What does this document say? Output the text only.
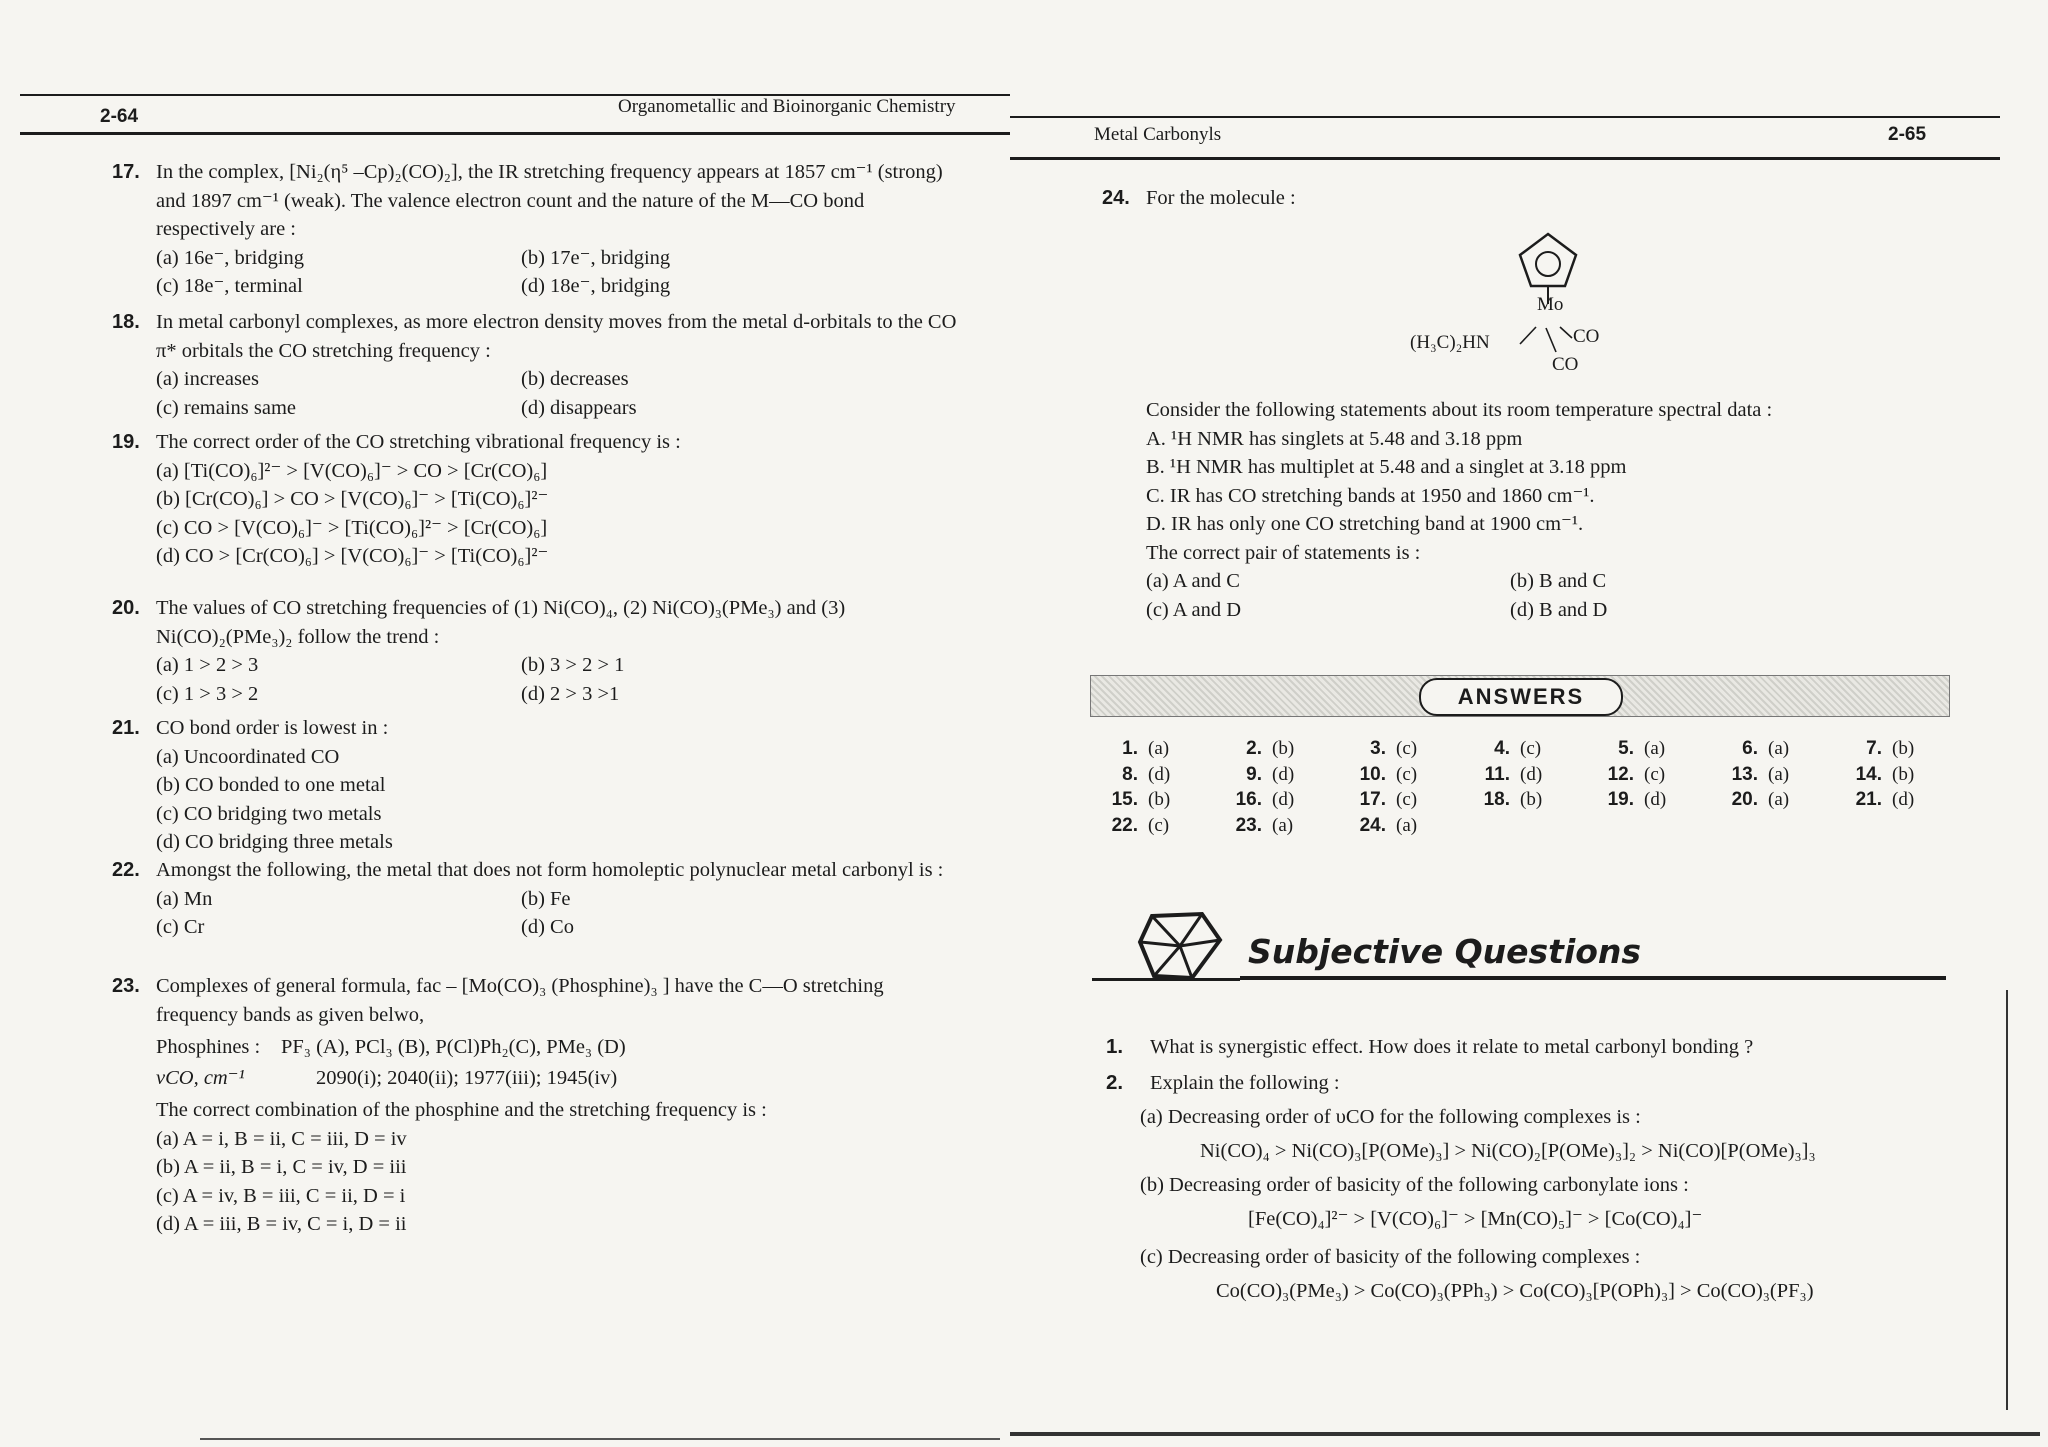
2-64	Organometallic and Bioinorganic Chemistry
17. In the complex, [Ni₂(η⁵ –Cp)₂(CO)₂], the IR stretching frequency appears at 1857 cm⁻¹ (strong) and 1897 cm⁻¹ (weak). The valence electron count and the nature of the M—CO bond respectively are :
(a) 16e⁻, bridging	(b) 17e⁻, bridging
(c) 18e⁻, terminal	(d) 18e⁻, bridging
18. In metal carbonyl complexes, as more electron density moves from the metal d-orbitals to the CO π* orbitals the CO stretching frequency :
(a) increases	(b) decreases
(c) remains same	(d) disappears
19. The correct order of the CO stretching vibrational frequency is :
(a) [Ti(CO)₆]²⁻ > [V(CO)₆]⁻ > CO > [Cr(CO)₆]
(b) [Cr(CO)₆] > CO > [V(CO)₆]⁻ > [Ti(CO)₆]²⁻
(c) CO > [V(CO)₆]⁻ > [Ti(CO)₆]²⁻ > [Cr(CO)₆]
(d) CO > [Cr(CO)₆] > [V(CO)₆]⁻ > [Ti(CO)₆]²⁻
20. The values of CO stretching frequencies of (1) Ni(CO)₄, (2) Ni(CO)₃(PMe₃) and (3) Ni(CO)₂(PMe₃)₂ follow the trend :
(a) 1 > 2 > 3	(b) 3 > 2 > 1
(c) 1 > 3 > 2	(d) 2 > 3 >1
21. CO bond order is lowest in :
(a) Uncoordinated CO
(b) CO bonded to one metal
(c) CO bridging two metals
(d) CO bridging three metals
22. Amongst the following, the metal that does not form homoleptic polynuclear metal carbonyl is :
(a) Mn	(b) Fe
(c) Cr	(d) Co
23. Complexes of general formula, fac – [Mo(CO)₃ (Phosphine)₃ ] have the C—O stretching frequency bands as given belwo,
Phosphines :	PF₃ (A), PCl₃ (B), P(Cl)Ph₂(C), PMe₃ (D)
νCO, cm⁻¹	2090(i); 2040(ii); 1977(iii); 1945(iv)
The correct combination of the phosphine and the stretching frequency is :
(a) A = i, B = ii, C = iii, D = iv
(b) A = ii, B = i, C = iv, D = iii
(c) A = iv, B = iii, C = ii, D = i
(d) A = iii, B = iv, C = i, D = ii
Metal Carbonyls	2-65
24. For the molecule :
Mo
(H₃C)₂HN	CO
CO
Consider the following statements about its room temperature spectral data :
A. ¹H NMR has singlets at 5.48 and 3.18 ppm
B. ¹H NMR has multiplet at 5.48 and a singlet at 3.18 ppm
C. IR has CO stretching bands at 1950 and 1860 cm⁻¹.
D. IR has only one CO stretching band at 1900 cm⁻¹.
The correct pair of statements is :
(a) A and C	(b) B and C
(c) A and D	(d) B and D
ANSWERS
1. (a)	2. (b)	3. (c)	4. (c)	5. (a)	6. (a)	7. (b)
8. (d)	9. (d)	10. (c)	11. (d)	12. (c)	13. (a)	14. (b)
15. (b)	16. (d)	17. (c)	18. (b)	19. (d)	20. (a)	21. (d)
22. (c)	23. (a)	24. (a)
Subjective Questions
1. What is synergistic effect. How does it relate to metal carbonyl bonding ?
2. Explain the following :
(a) Decreasing order of υCO for the following complexes is :
Ni(CO)₄ > Ni(CO)₃[P(OMe)₃] > Ni(CO)₂[P(OMe)₃]₂ > Ni(CO)[P(OMe)₃]₃
(b) Decreasing order of basicity of the following carbonylate ions :
[Fe(CO)₄]²⁻ > [V(CO)₆]⁻ > [Mn(CO)₅]⁻ > [Co(CO)₄]⁻
(c) Decreasing order of basicity of the following complexes :
Co(CO)₃(PMe₃) > Co(CO)₃(PPh₃) > Co(CO)₃[P(OPh)₃] > Co(CO)₃(PF₃)
